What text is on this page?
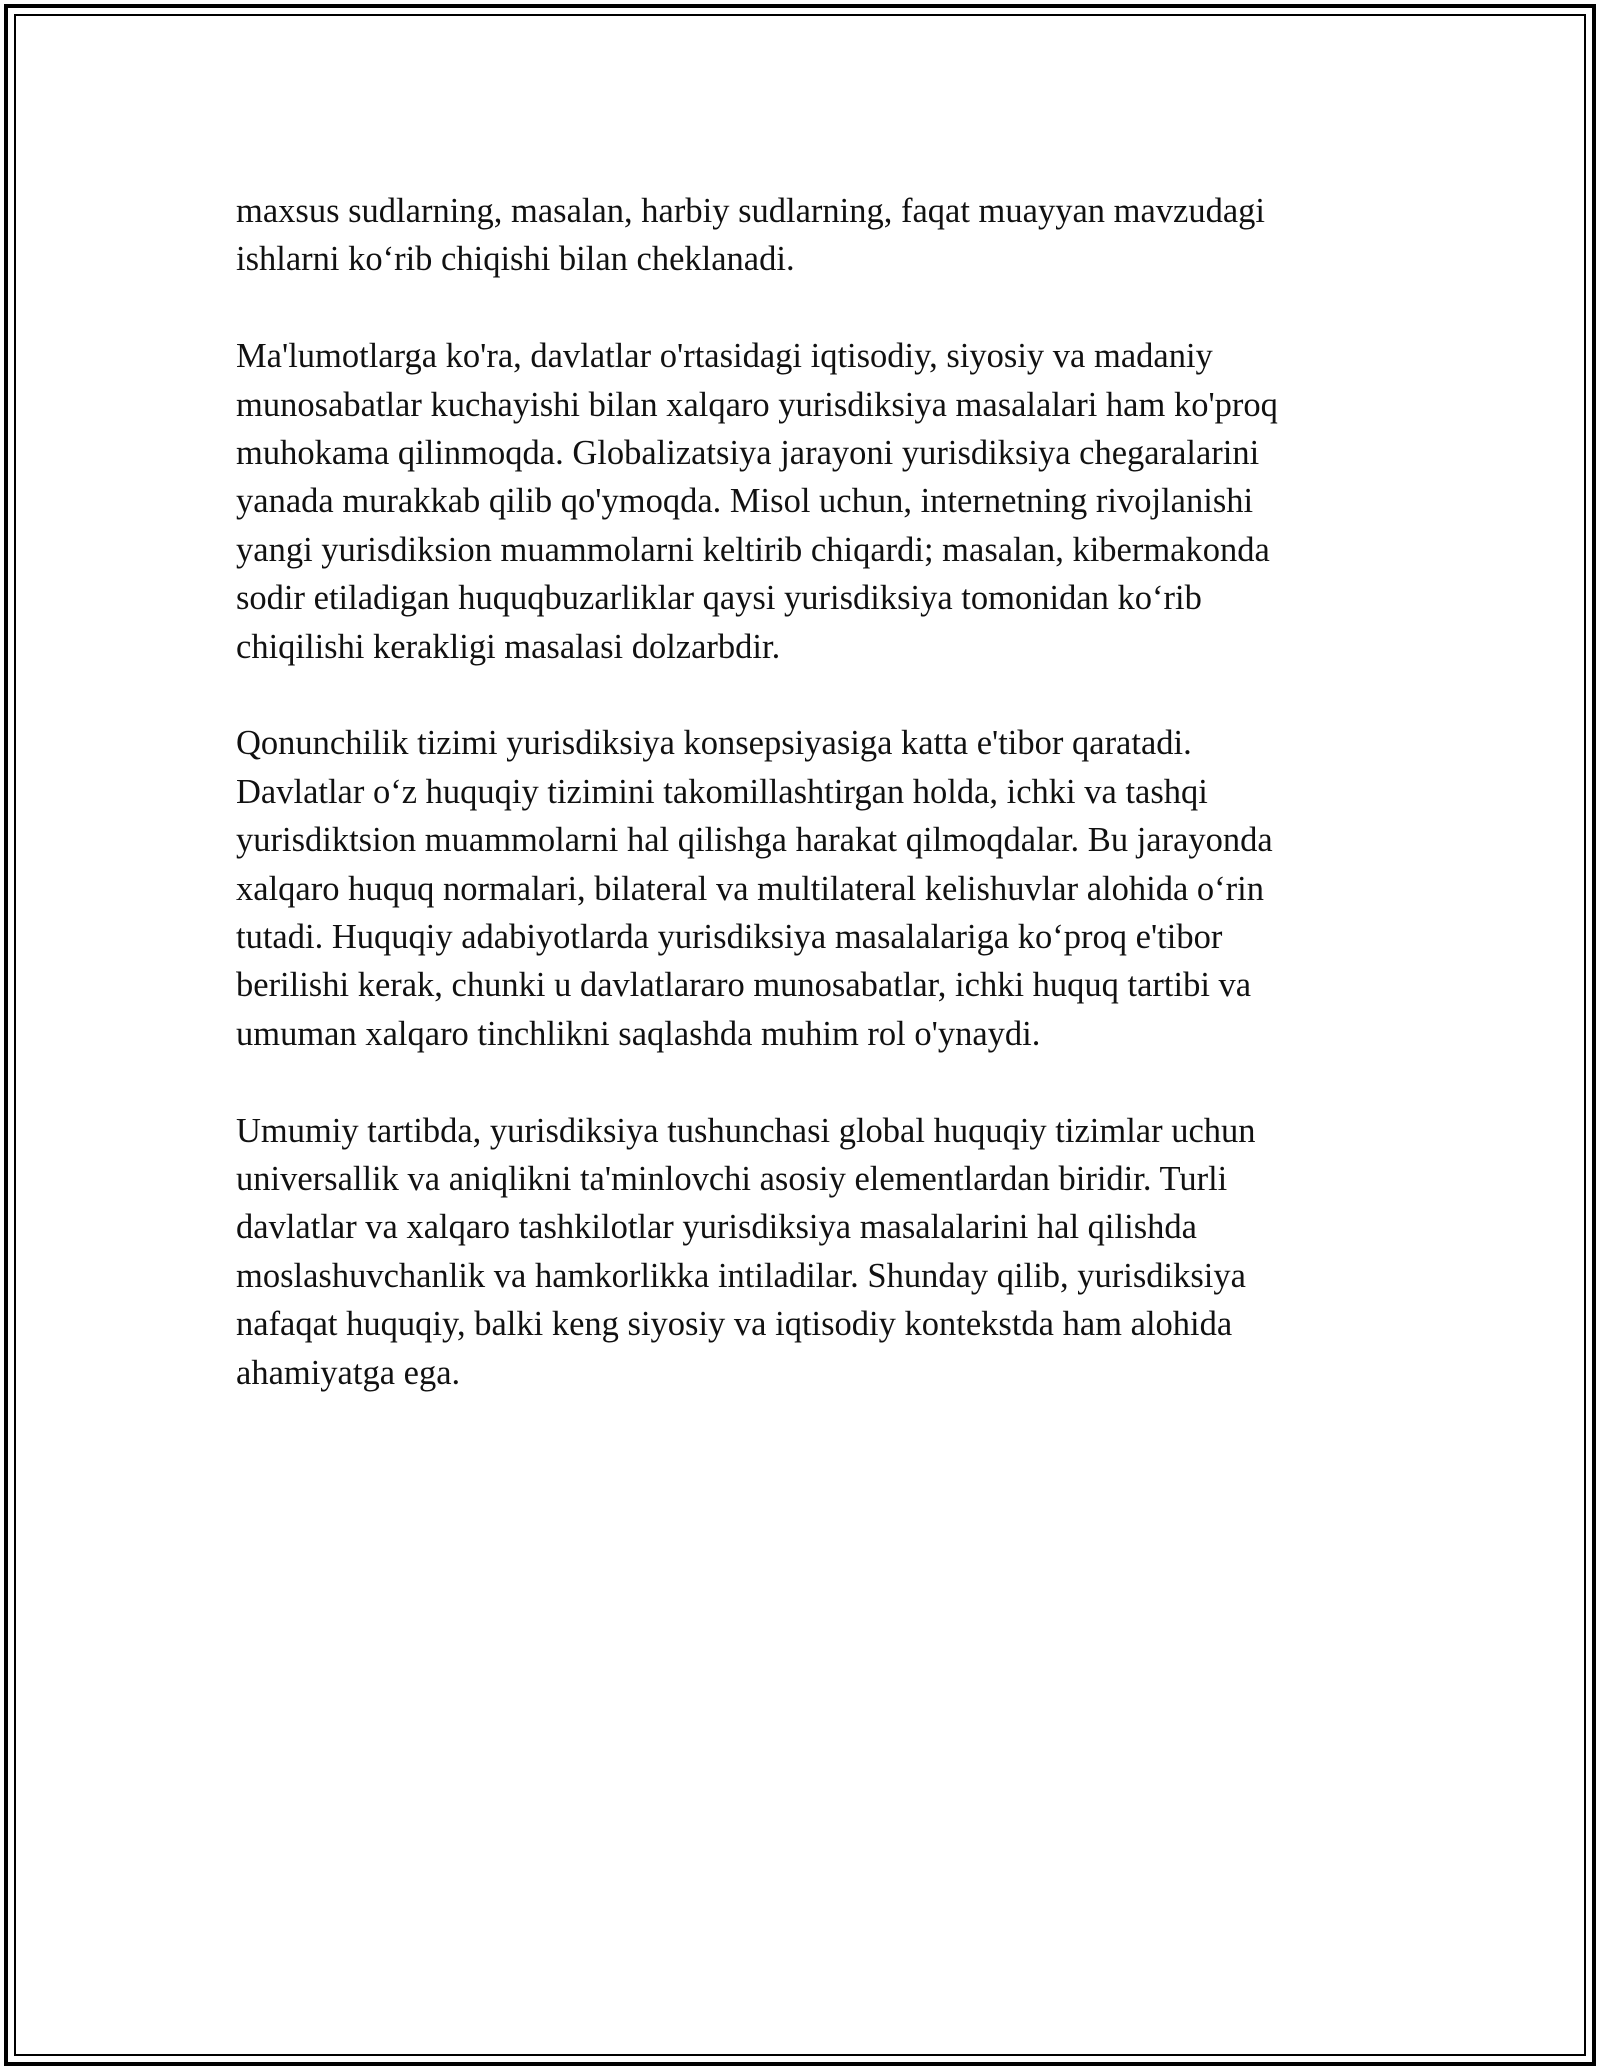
maxsus sudlarning, masalan, harbiy sudlarning, faqat muayyan mavzudagi
ishlarni ko‘rib chiqishi bilan cheklanadi.

Ma'lumotlarga ko'ra, davlatlar o'rtasidagi iqtisodiy, siyosiy va madaniy
munosabatlar kuchayishi bilan xalqaro yurisdiksiya masalalari ham ko'proq
muhokama qilinmoqda. Globalizatsiya jarayoni yurisdiksiya chegaralarini
yanada murakkab qilib qo'ymoqda. Misol uchun, internetning rivojlanishi
yangi yurisdiksion muammolarni keltirib chiqardi; masalan, kibermakonda
sodir etiladigan huquqbuzarliklar qaysi yurisdiksiya tomonidan ko‘rib
chiqilishi kerakligi masalasi dolzarbdir.

Qonunchilik tizimi yurisdiksiya konsepsiyasiga katta e'tibor qaratadi.
Davlatlar o‘z huquqiy tizimini takomillashtirgan holda, ichki va tashqi
yurisdiktsion muammolarni hal qilishga harakat qilmoqdalar. Bu jarayonda
xalqaro huquq normalari, bilateral va multilateral kelishuvlar alohida o‘rin
tutadi. Huquqiy adabiyotlarda yurisdiksiya masalalariga ko‘proq e'tibor
berilishi kerak, chunki u davlatlararo munosabatlar, ichki huquq tartibi va
umuman xalqaro tinchlikni saqlashda muhim rol o'ynaydi.

Umumiy tartibda, yurisdiksiya tushunchasi global huquqiy tizimlar uchun
universallik va aniqlikni ta'minlovchi asosiy elementlardan biridir. Turli
davlatlar va xalqaro tashkilotlar yurisdiksiya masalalarini hal qilishda
moslashuvchanlik va hamkorlikka intiladilar. Shunday qilib, yurisdiksiya
nafaqat huquqiy, balki keng siyosiy va iqtisodiy kontekstda ham alohida
ahamiyatga ega.
